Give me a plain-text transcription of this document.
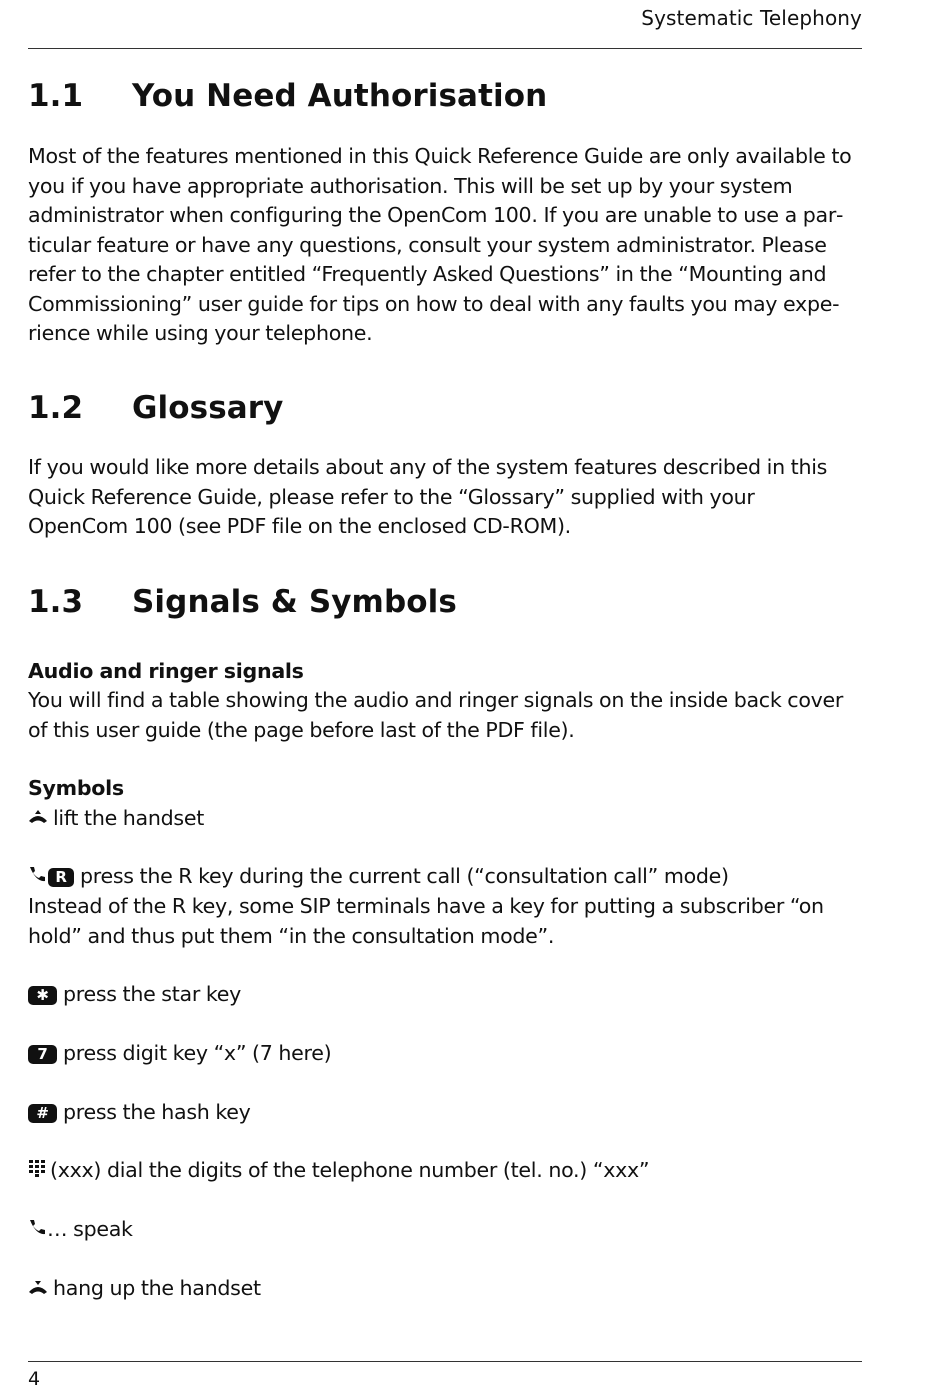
Systematic Telephony
1.1 You Need Authorisation

Most of the features mentioned in this Quick Reference Guide are only available to you if you have appropriate authorisation. This will be set up by your system administrator when configuring the OpenCom 100. If you are unable to use a particular feature or have any questions, consult your system administrator. Please refer to the chapter entitled “Frequently Asked Questions” in the “Mounting and Commissioning” user guide for tips on how to deal with any faults you may experience while using your telephone.

1.2 Glossary

If you would like more details about any of the system features described in this Quick Reference Guide, please refer to the “Glossary” supplied with your OpenCom 100 (see PDF file on the enclosed CD-ROM).

1.3 Signals & Symbols

Audio and ringer signals

You will find a table showing the audio and ringer signals on the inside back cover of this user guide (the page before last of the PDF file).

Symbols

lift the handset
R press the R key during the current call (“consultation call” mode)

Instead of the R key, some SIP terminals have a key for putting a subscriber “on hold” and thus put them “in the consultation mode”.

✱ press the star key
7 press digit key “x” (7 here)
# press the hash key
(xxx) dial the digits of the telephone number (tel. no.) “xxx”
… speak
hang up the handset
4
